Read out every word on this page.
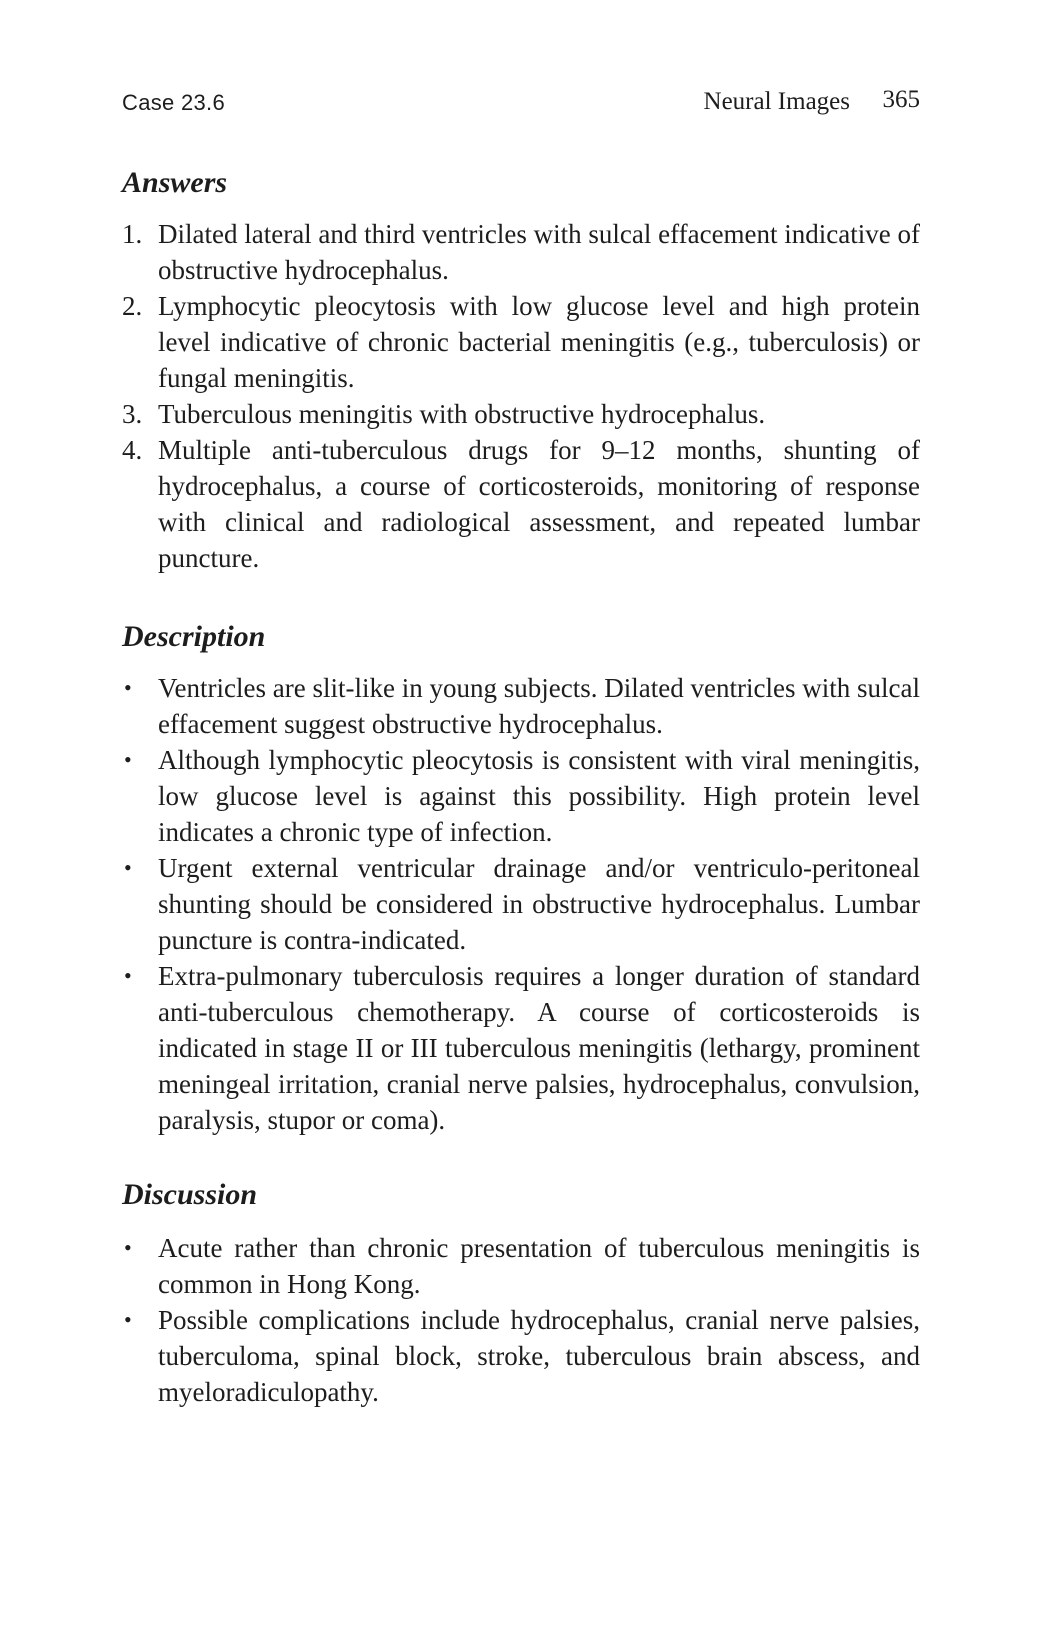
Case 23.6	Neural Images 365
Answers
1. Dilated lateral and third ventricles with sulcal effacement indicative of obstructive hydrocephalus.
2. Lymphocytic pleocytosis with low glucose level and high protein level indicative of chronic bacterial meningitis (e.g., tuberculosis) or fungal meningitis.
3. Tuberculous meningitis with obstructive hydrocephalus.
4. Multiple anti-tuberculous drugs for 9–12 months, shunting of hydrocephalus, a course of corticosteroids, monitoring of response with clinical and radiological assessment, and repeated lumbar puncture.
Description
• Ventricles are slit-like in young subjects. Dilated ventricles with sulcal effacement suggest obstructive hydrocephalus.
• Although lymphocytic pleocytosis is consistent with viral meningitis, low glucose level is against this possibility. High protein level indicates a chronic type of infection.
• Urgent external ventricular drainage and/or ventriculo-peritoneal shunting should be considered in obstructive hydrocephalus. Lumbar puncture is contra-indicated.
• Extra-pulmonary tuberculosis requires a longer duration of standard anti-tuberculous chemotherapy. A course of corticosteroids is indicated in stage II or III tuberculous meningitis (lethargy, prominent meningeal irritation, cranial nerve palsies, hydrocephalus, convulsion, paralysis, stupor or coma).
Discussion
• Acute rather than chronic presentation of tuberculous meningitis is common in Hong Kong.
• Possible complications include hydrocephalus, cranial nerve palsies, tuberculoma, spinal block, stroke, tuberculous brain abscess, and myeloradiculopathy.
